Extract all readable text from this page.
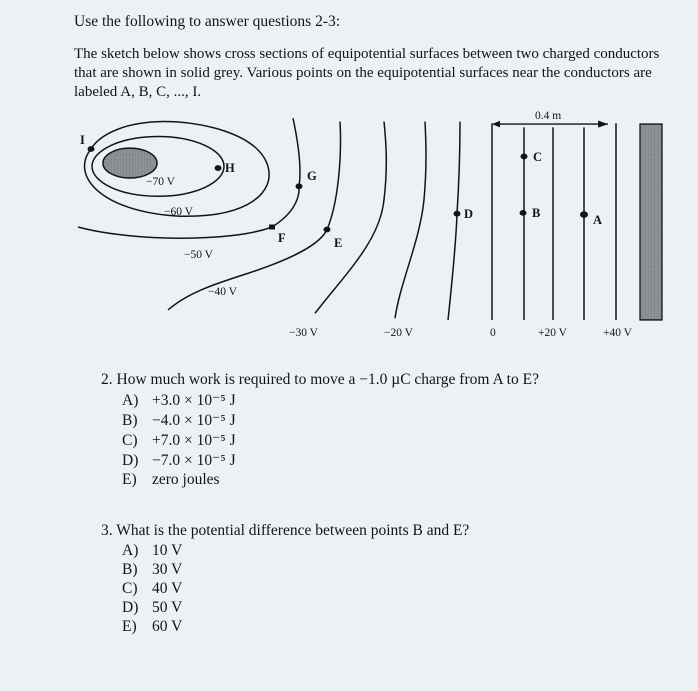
Use the following to answer questions 2-3:
The sketch below shows cross sections of equipotential surfaces between two charged conductors
that are shown in solid grey. Various points on the equipotential surfaces near the conductors are
labeled A, B, C, ..., I.
I
H
G
F	E
D
C
B	A
0.4 m
−70 V
−60 V
−50 V
−40 V
−30 V	−20 V	0	+20 V	+40 V
2. How much work is required to move a −1.0 µC charge from A to E?
A) +3.0 × 10⁻⁵ J
B) −4.0 × 10⁻⁵ J
C) +7.0 × 10⁻⁵ J
D) −7.0 × 10⁻⁵ J
E) zero joules
3. What is the potential difference between points B and E?
A) 10 V
B) 30 V
C) 40 V
D) 50 V
E) 60 V
